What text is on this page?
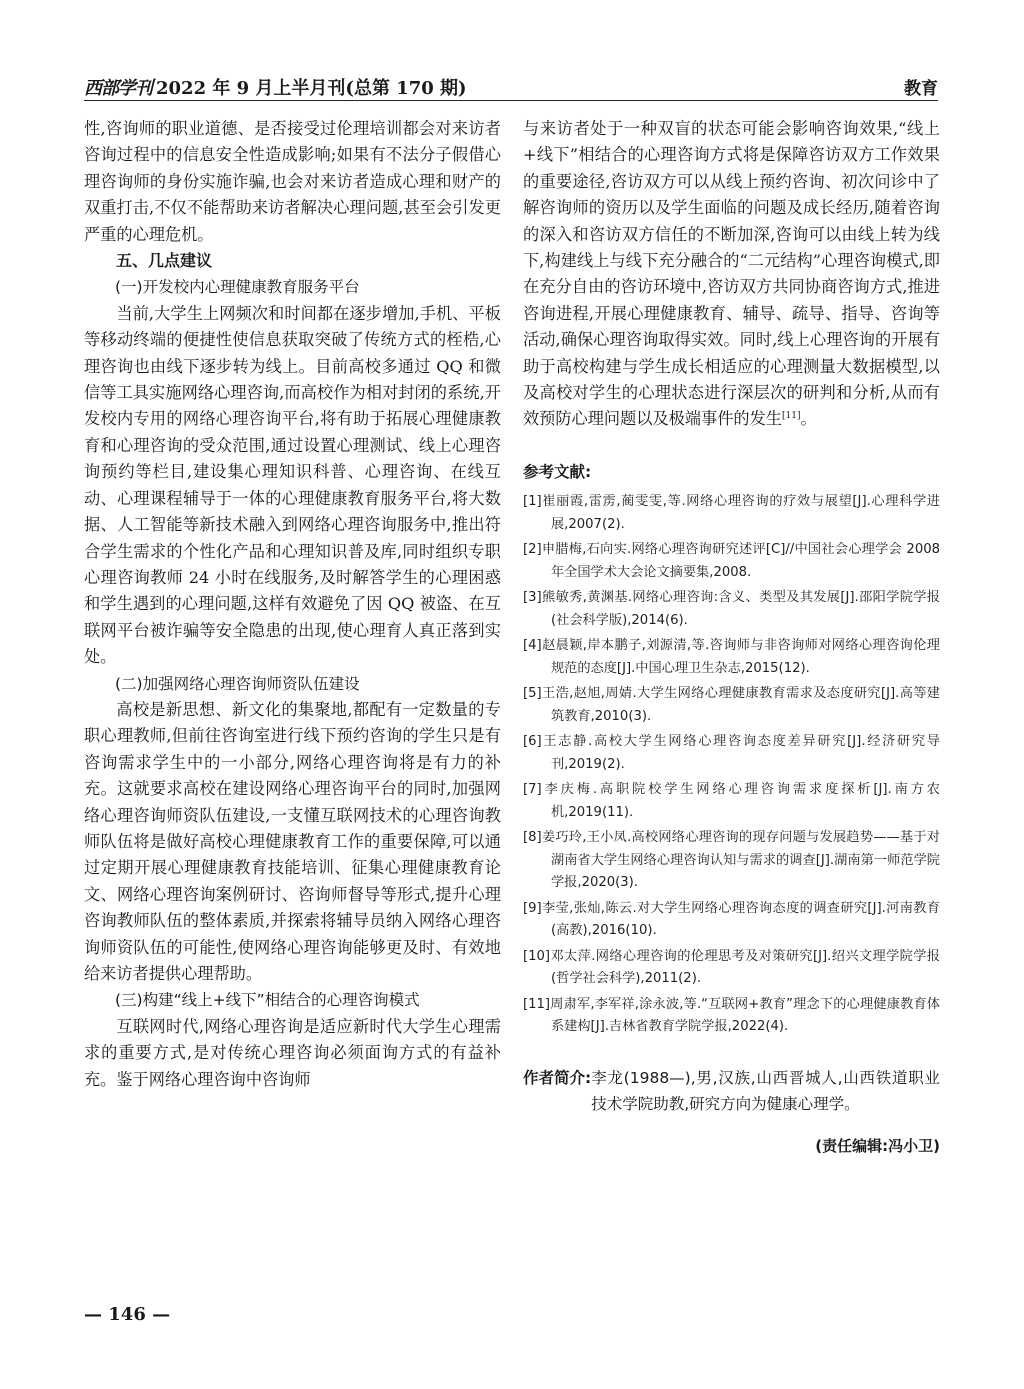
西部学刊 2022 年 9 月上半月刊(总第 170 期)	教育

性,咨询师的职业道德、是否接受过伦理培训都会对来访者咨询过程中的信息安全性造成影响;如果有不法分子假借心理咨询师的身份实施诈骗,也会对来访者造成心理和财产的双重打击,不仅不能帮助来访者解决心理问题,甚至会引发更严重的心理危机。

五、几点建议
(一)开发校内心理健康教育服务平台

当前,大学生上网频次和时间都在逐步增加,手机、平板等移动终端的便捷性使信息获取突破了传统方式的桎梏,心理咨询也由线下逐步转为线上。目前高校多通过 QQ 和微信等工具实施网络心理咨询,而高校作为相对封闭的系统,开发校内专用的网络心理咨询平台,将有助于拓展心理健康教育和心理咨询的受众范围,通过设置心理测试、线上心理咨询预约等栏目,建设集心理知识科普、心理咨询、在线互动、心理课程辅导于一体的心理健康教育服务平台,将大数据、人工智能等新技术融入到网络心理咨询服务中,推出符合学生需求的个性化产品和心理知识普及库,同时组织专职心理咨询教师 24 小时在线服务,及时解答学生的心理困惑和学生遇到的心理问题,这样有效避免了因 QQ 被盗、在互联网平台被诈骗等安全隐患的出现,使心理育人真正落到实处。

(二)加强网络心理咨询师资队伍建设

高校是新思想、新文化的集聚地,都配有一定数量的专职心理教师,但前往咨询室进行线下预约咨询的学生只是有咨询需求学生中的一小部分,网络心理咨询将是有力的补充。这就要求高校在建设网络心理咨询平台的同时,加强网络心理咨询师资队伍建设,一支懂互联网技术的心理咨询教师队伍将是做好高校心理健康教育工作的重要保障,可以通过定期开展心理健康教育技能培训、征集心理健康教育论文、网络心理咨询案例研讨、咨询师督导等形式,提升心理咨询教师队伍的整体素质,并探索将辅导员纳入网络心理咨询师资队伍的可能性,使网络心理咨询能够更及时、有效地给来访者提供心理帮助。

(三)构建“线上+线下”相结合的心理咨询模式

互联网时代,网络心理咨询是适应新时代大学生心理需求的重要方式,是对传统心理咨询必须面询方式的有益补充。鉴于网络心理咨询中咨询师

与来访者处于一种双盲的状态可能会影响咨询效果,“线上+线下”相结合的心理咨询方式将是保障咨访双方工作效果的重要途径,咨访双方可以从线上预约咨询、初次问诊中了解咨询师的资历以及学生面临的问题及成长经历,随着咨询的深入和咨访双方信任的不断加深,咨询可以由线上转为线下,构建线上与线下充分融合的“二元结构”心理咨询模式,即在充分自由的咨访环境中,咨访双方共同协商咨询方式,推进咨询进程,开展心理健康教育、辅导、疏导、指导、咨询等活动,确保心理咨询取得实效。同时,线上心理咨询的开展有助于高校构建与学生成长相适应的心理测量大数据模型,以及高校对学生的心理状态进行深层次的研判和分析,从而有效预防心理问题以及极端事件的发生[11]。

参考文献:
[1]崔丽霞,雷雳,蔺雯雯,等.网络心理咨询的疗效与展望[J].心理科学进展,2007(2).
[2]申腊梅,石向实.网络心理咨询研究述评[C]//中国社会心理学会 2008 年全国学术大会论文摘要集,2008.
[3]熊敏秀,黄渊基.网络心理咨询:含义、类型及其发展[J].邵阳学院学报(社会科学版),2014(6).
[4]赵晨颖,岸本鹏子,刘源清,等.咨询师与非咨询师对网络心理咨询伦理规范的态度[J].中国心理卫生杂志,2015(12).
[5]王浩,赵旭,周婧.大学生网络心理健康教育需求及态度研究[J].高等建筑教育,2010(3).
[6]王志静.高校大学生网络心理咨询态度差异研究[J].经济研究导刊,2019(2).
[7]李庆梅.高职院校学生网络心理咨询需求度探析[J].南方农机,2019(11).
[8]姜巧玲,王小凤.高校网络心理咨询的现存问题与发展趋势——基于对湖南省大学生网络心理咨询认知与需求的调查[J].湖南第一师范学院学报,2020(3).
[9]李莹,张灿,陈云.对大学生网络心理咨询态度的调查研究[J].河南教育(高教),2016(10).
[10]邓太萍.网络心理咨询的伦理思考及对策研究[J].绍兴文理学院学报(哲学社会科学),2011(2).
[11]周肃军,李军祥,涂永波,等.“互联网+教育”理念下的心理健康教育体系建构[J].吉林省教育学院学报,2022(4).
作者简介: 李龙(1988—),男,汉族,山西晋城人,山西铁道职业技术学院助教,研究方向为健康心理学。
(责任编辑:冯小卫)
— 146 —
